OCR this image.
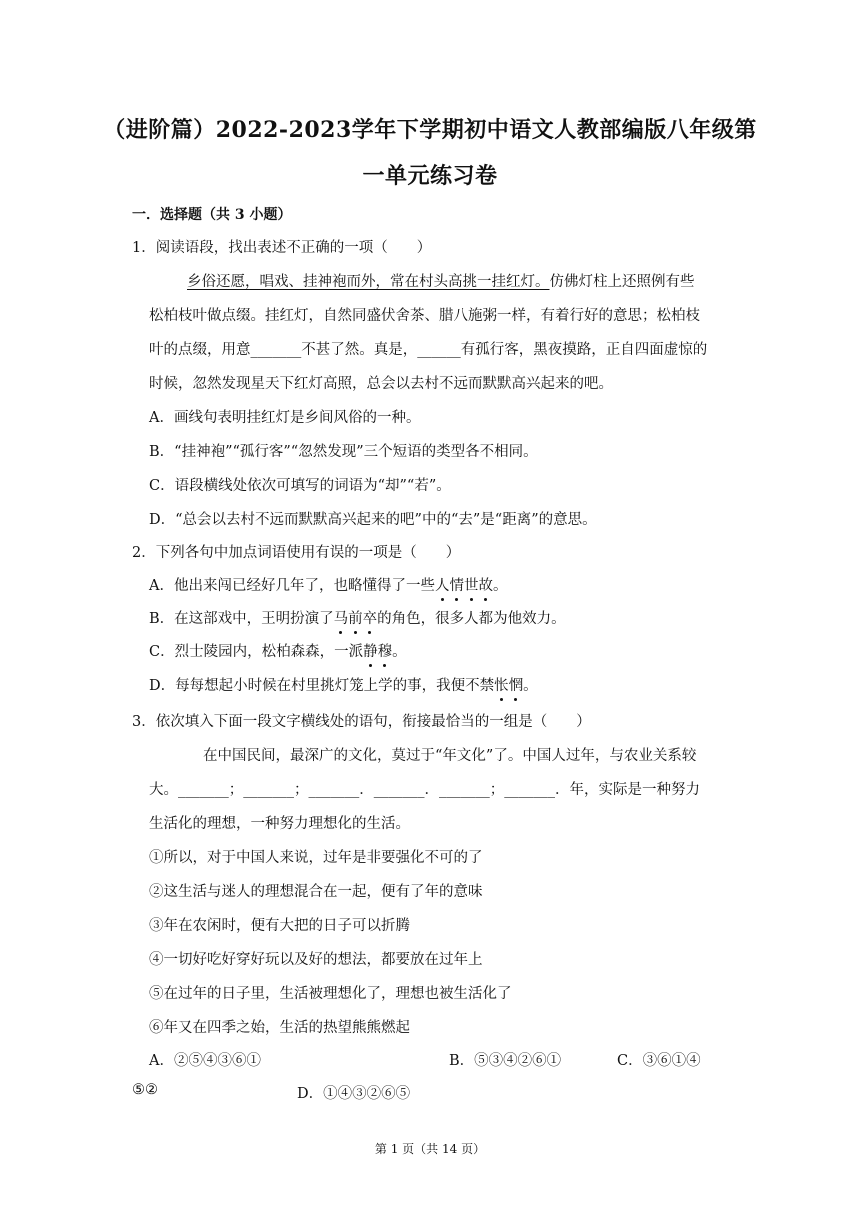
（进阶篇）2022-2023学年下学期初中语文人教部编版八年级第
一单元练习卷
一．选择题（共 3 小题）
1．阅读语段，找出表述不正确的一项（　　）
乡俗还愿，唱戏、挂神袍而外，常在村头高挑一挂红灯。仿佛灯柱上还照例有些
松柏枝叶做点缀。挂红灯，自然同盛伏舍茶、腊八施粥一样，有着行好的意思；松柏枝
叶的点缀，用意_______不甚了然。真是，______有孤行客，黑夜摸路，正自四面虚惊的
时候，忽然发现星天下红灯高照，总会以去村不远而默默高兴起来的吧。
A．画线句表明挂红灯是乡间风俗的一种。
B．“挂神袍”“孤行客”“忽然发现”三个短语的类型各不相同。
C．语段横线处依次可填写的词语为“却”“若”。
D．“总会以去村不远而默默高兴起来的吧”中的“去”是“距离”的意思。
2．下列各句中加点词语使用有误的一项是（　　）
A．他出来闯已经好几年了，也略懂得了一些人情世故。
B．在这部戏中，王明扮演了马前卒的角色，很多人都为他效力。
C．烈士陵园内，松柏森森，一派静穆。
D．每每想起小时候在村里挑灯笼上学的事，我便不禁怅惘。
3．依次填入下面一段文字横线处的语句，衔接最恰当的一组是（　　）
在中国民间，最深广的文化，莫过于“年文化”了。中国人过年，与农业关系较
大。_______；_______；_______．_______．_______；_______．年，实际是一种努力
生活化的理想，一种努力理想化的生活。
①所以，对于中国人来说，过年是非要强化不可的了
②这生活与迷人的理想混合在一起，便有了年的意味
③年在农闲时，便有大把的日子可以折腾
④一切好吃好穿好玩以及好的想法，都要放在过年上
⑤在过年的日子里，生活被理想化了，理想也被生活化了
⑥年又在四季之始，生活的热望熊熊燃起
A．②⑤④③⑥①	B．⑤③④②⑥①	C．③⑥①④
⑤②	D．①④③②⑥⑤
第 1 页（共 14 页）
